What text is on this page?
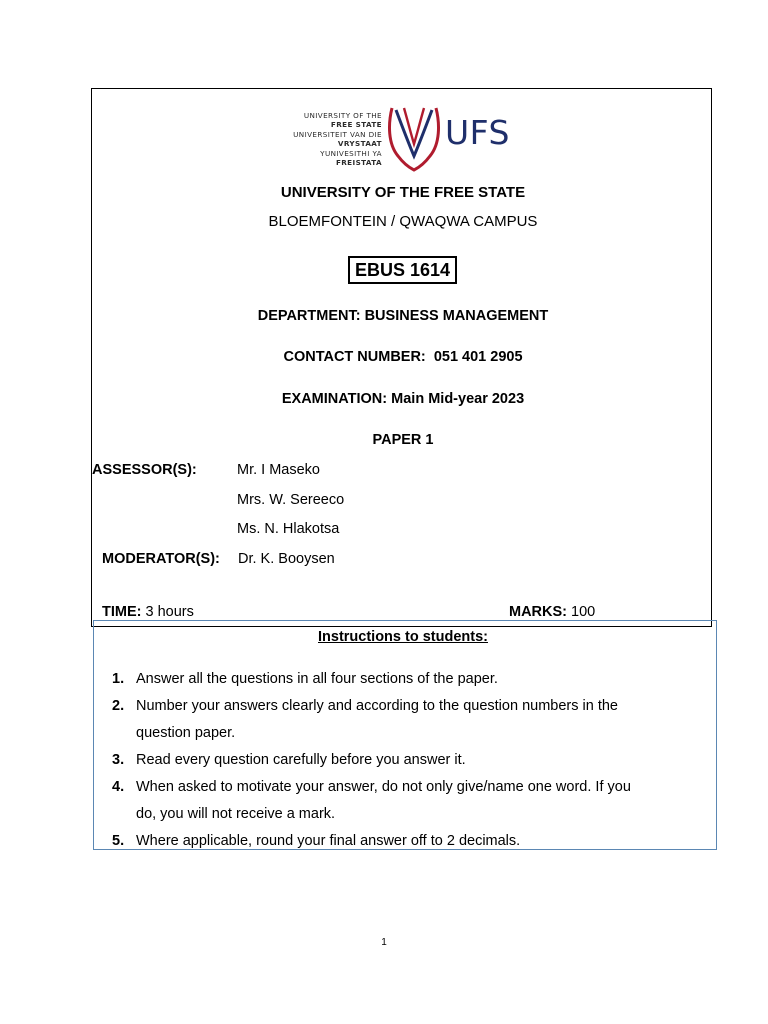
UNIVERSITY OF THE
FREE STATE
UNIVERSITEIT VAN DIE
VRYSTAAT
YUNIVESITHI YA
FREISTATA
UFS
UNIVERSITY OF THE FREE STATE
BLOEMFONTEIN / QWAQWA CAMPUS
EBUS 1614
DEPARTMENT: BUSINESS MANAGEMENT
CONTACT NUMBER: 051 401 2905
EXAMINATION: Main Mid-year 2023
PAPER 1
ASSESSOR(S):	Mr. I Maseko
Mrs. W. Sereeco
Ms. N. Hlakotsa
MODERATOR(S): Dr. K. Booysen
TIME: 3 hours	MARKS: 100
Instructions to students:
1. Answer all the questions in all four sections of the paper.
2. Number your answers clearly and according to the question numbers in the
question paper.
3. Read every question carefully before you answer it.
4. When asked to motivate your answer, do not only give/name one word. If you
do, you will not receive a mark.
5. Where applicable, round your final answer off to 2 decimals.
1
